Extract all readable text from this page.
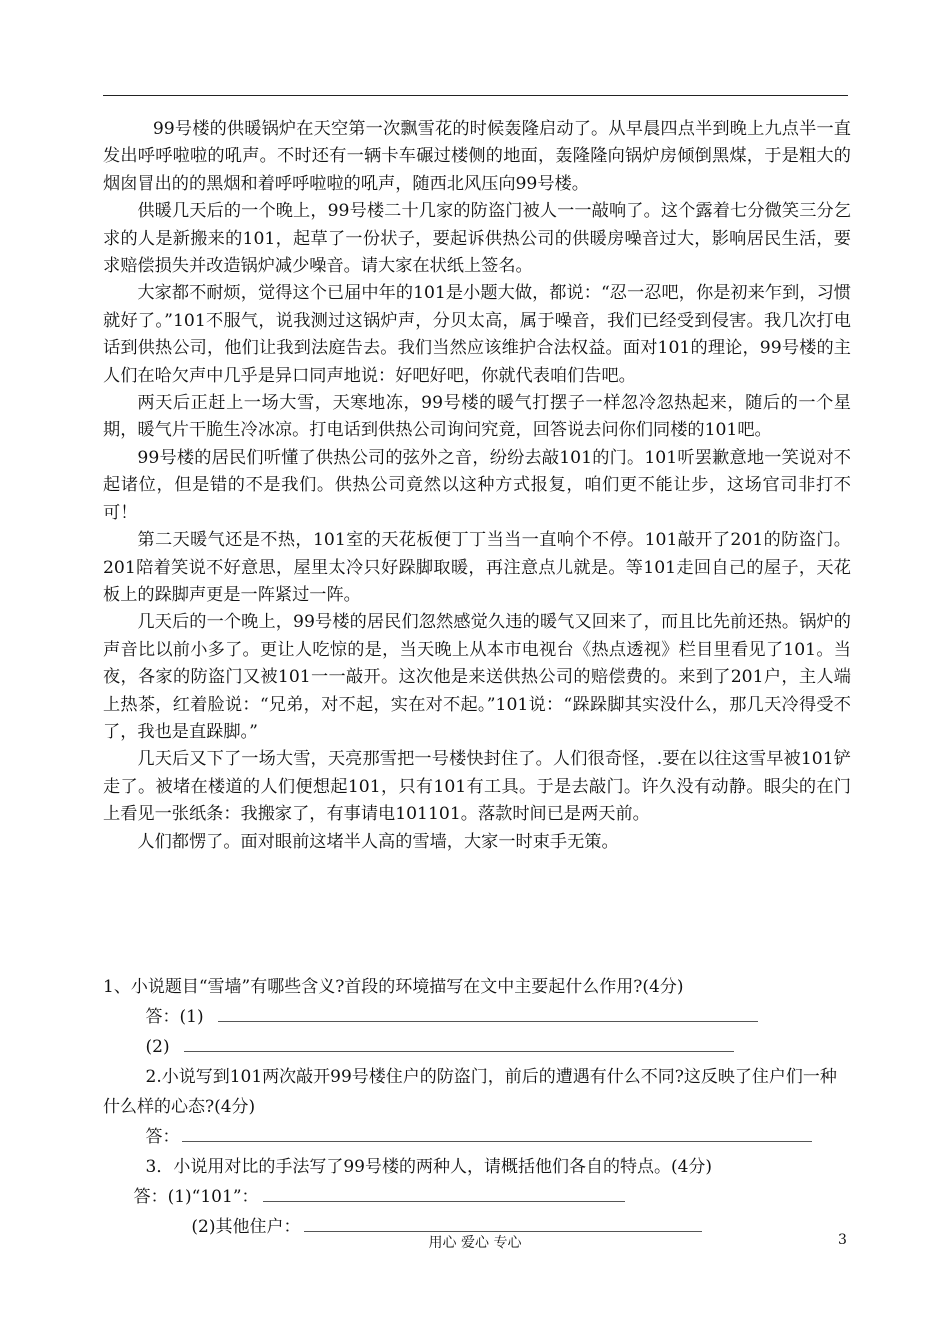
99号楼的供暖锅炉在天空第一次飘雪花的时候轰隆启动了。从早晨四点半到晚上九点半一直发出呼呼啦啦的吼声。不时还有一辆卡车碾过楼侧的地面，轰隆隆向锅炉房倾倒黑煤，于是粗大的烟囱冒出的的黑烟和着呼呼啦啦的吼声，随西北风压向99号楼。

供暖几天后的一个晚上，99号楼二十几家的防盗门被人一一敲响了。这个露着七分微笑三分乞求的人是新搬来的101，起草了一份状子，要起诉供热公司的供暖房噪音过大，影响居民生活，要求赔偿损失并改造锅炉减少噪音。请大家在状纸上签名。

大家都不耐烦，觉得这个已届中年的101是小题大做，都说：“忍一忍吧，你是初来乍到，习惯就好了。”101不服气，说我测过这锅炉声，分贝太高，属于噪音，我们已经受到侵害。我几次打电话到供热公司，他们让我到法庭告去。我们当然应该维护合法权益。面对101的理论，99号楼的主人们在哈欠声中几乎是异口同声地说：好吧好吧，你就代表咱们告吧。

两天后正赶上一场大雪，天寒地冻，99号楼的暖气打摆子一样忽冷忽热起来，随后的一个星期，暖气片干脆生冷冰凉。打电话到供热公司询问究竟，回答说去问你们同楼的101吧。

99号楼的居民们听懂了供热公司的弦外之音，纷纷去敲101的门。101听罢歉意地一笑说对不起诸位，但是错的不是我们。供热公司竟然以这种方式报复，咱们更不能让步，这场官司非打不可！

第二天暖气还是不热，101室的天花板便丁丁当当一直响个不停。101敲开了201的防盗门。201陪着笑说不好意思，屋里太冷只好跺脚取暖，再注意点儿就是。等101走回自己的屋子，天花板上的跺脚声更是一阵紧过一阵。

几天后的一个晚上，99号楼的居民们忽然感觉久违的暖气又回来了，而且比先前还热。锅炉的声音比以前小多了。更让人吃惊的是，当天晚上从本市电视台《热点透视》栏目里看见了101。当夜，各家的防盗门又被101一一敲开。这次他是来送供热公司的赔偿费的。来到了201户，主人端上热茶，红着脸说：“兄弟，对不起，实在对不起。”101说：“跺跺脚其实没什么，那几天冷得受不了，我也是直跺脚。”

几天后又下了一场大雪，天亮那雪把一号楼快封住了。人们很奇怪，.要在以往这雪早被101铲走了。被堵在楼道的人们便想起101，只有101有工具。于是去敲门。许久没有动静。眼尖的在门上看见一张纸条：我搬家了，有事请电101101。落款时间已是两天前。

人们都愣了。面对眼前这堵半人高的雪墙，大家一时束手无策。

1、小说题目“雪墙”有哪些含义?首段的环境描写在文中主要起什么作用?(4分)

答：(1)

(2)

2.小说写到101两次敲开99号楼住户的防盗门，前后的遭遇有什么不同?这反映了住户们一种什么样的心态?(4分)

答：

3．小说用对比的手法写了99号楼的两种人，请概括他们各自的特点。(4分)

答：(1)“101”：

(2)其他住户：

用心 爱心 专心	3
